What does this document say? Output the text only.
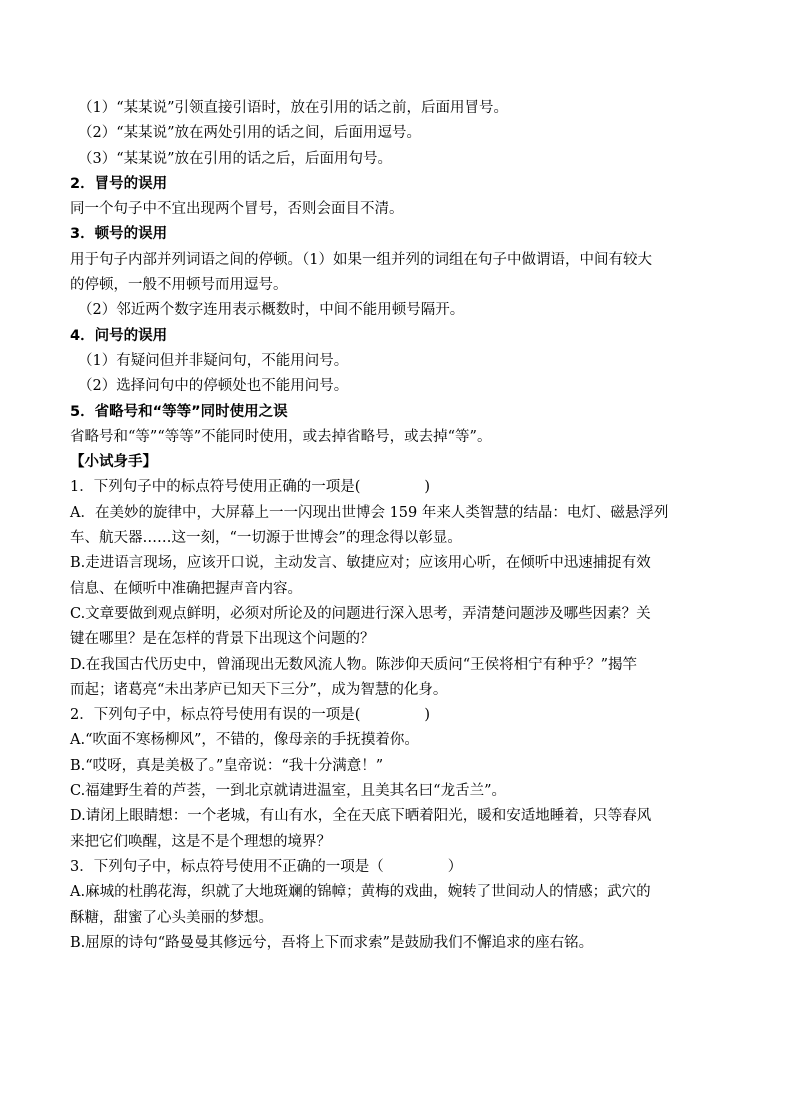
（1）“某某说”引领直接引语时，放在引用的话之前，后面用冒号。
（2）“某某说”放在两处引用的话之间，后面用逗号。
（3）“某某说”放在引用的话之后，后面用句号。
2．冒号的误用
同一个句子中不宜出现两个冒号，否则会面目不清。
3．顿号的误用
用于句子内部并列词语之间的停顿。（1）如果一组并列的词组在句子中做谓语，中间有较大
的停顿，一般不用顿号而用逗号。
（2）邻近两个数字连用表示概数时，中间不能用顿号隔开。
4．问号的误用
（1）有疑问但并非疑问句，不能用问号。
（2）选择问句中的停顿处也不能用问号。
5．省略号和“等等”同时使用之误
省略号和“等”“等等”不能同时使用，或去掉省略号，或去掉“等”。
【小试身手】
1．下列句子中的标点符号使用正确的一项是(	)
A．在美妙的旋律中，大屏幕上一一闪现出世博会 159 年来人类智慧的结晶：电灯、磁悬浮列
车、航天器……这一刻，“一切源于世博会”的理念得以彰显。
B.走进语言现场，应该开口说，主动发言、敏捷应对；应该用心听，在倾听中迅速捕捉有效
信息、在倾听中准确把握声音内容。
C.文章要做到观点鲜明，必须对所论及的问题进行深入思考，弄清楚问题涉及哪些因素？关
键在哪里？是在怎样的背景下出现这个问题的？
D.在我国古代历史中，曾涌现出无数风流人物。陈涉仰天质问“王侯将相宁有种乎？”揭竿
而起；诸葛亮“未出茅庐已知天下三分”，成为智慧的化身。
2．下列句子中，标点符号使用有误的一项是(	)
A.“吹面不寒杨柳风”，不错的，像母亲的手抚摸着你。
B.“哎呀，真是美极了。”皇帝说：“我十分满意！”
C.福建野生着的芦荟，一到北京就请进温室，且美其名曰“龙舌兰”。
D.请闭上眼睛想：一个老城，有山有水，全在天底下晒着阳光，暖和安适地睡着，只等春风
来把它们唤醒，这是不是个理想的境界？
3．下列句子中，标点符号使用不正确的一项是（	）
A.麻城的杜鹃花海，织就了大地斑斓的锦幛；黄梅的戏曲，婉转了世间动人的情感；武穴的
酥糖，甜蜜了心头美丽的梦想。
B.屈原的诗句“路曼曼其修远兮，吾将上下而求索”是鼓励我们不懈追求的座右铭。
